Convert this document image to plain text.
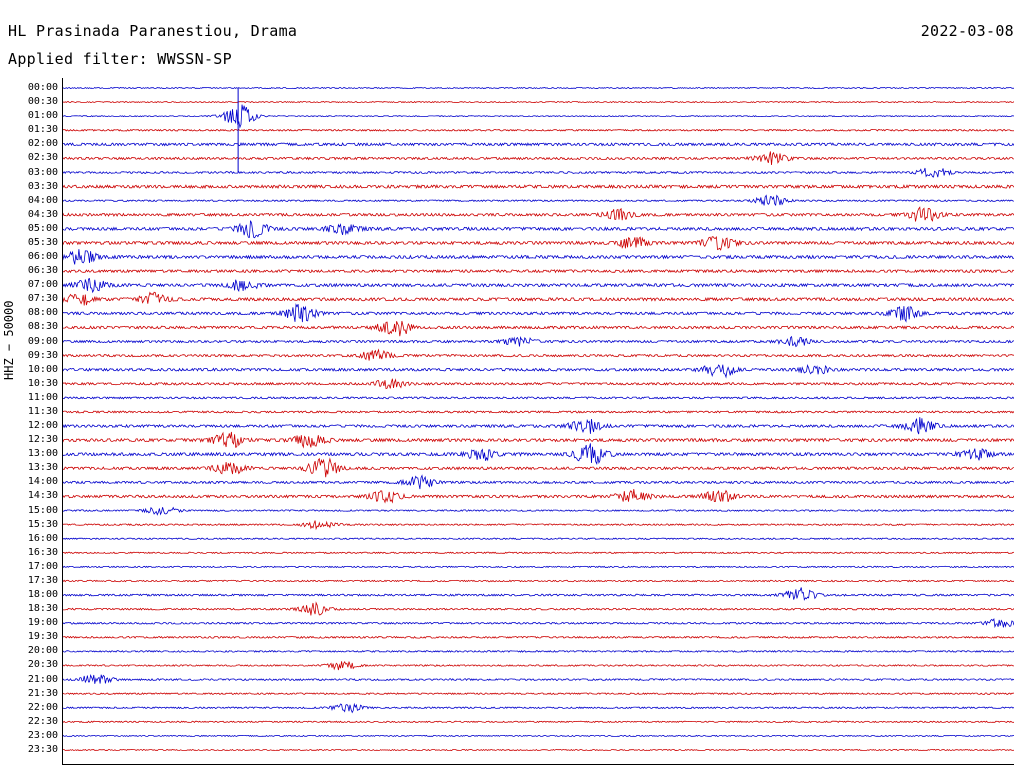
HL Prasinada Paranestiou, Drama	2022-03-08
Applied filter: WWSSN-SP
HHZ − 50000
00:00
00:30
01:00
01:30
02:00
02:30
03:00
03:30
04:00
04:30
05:00
05:30
06:00
06:30
07:00
07:30
08:00
08:30
09:00
09:30
10:00
10:30
11:00
11:30
12:00
12:30
13:00
13:30
14:00
14:30
15:00
15:30
16:00
16:30
17:00
17:30
18:00
18:30
19:00
19:30
20:00
20:30
21:00
21:30
22:00
22:30
23:00
23:30
